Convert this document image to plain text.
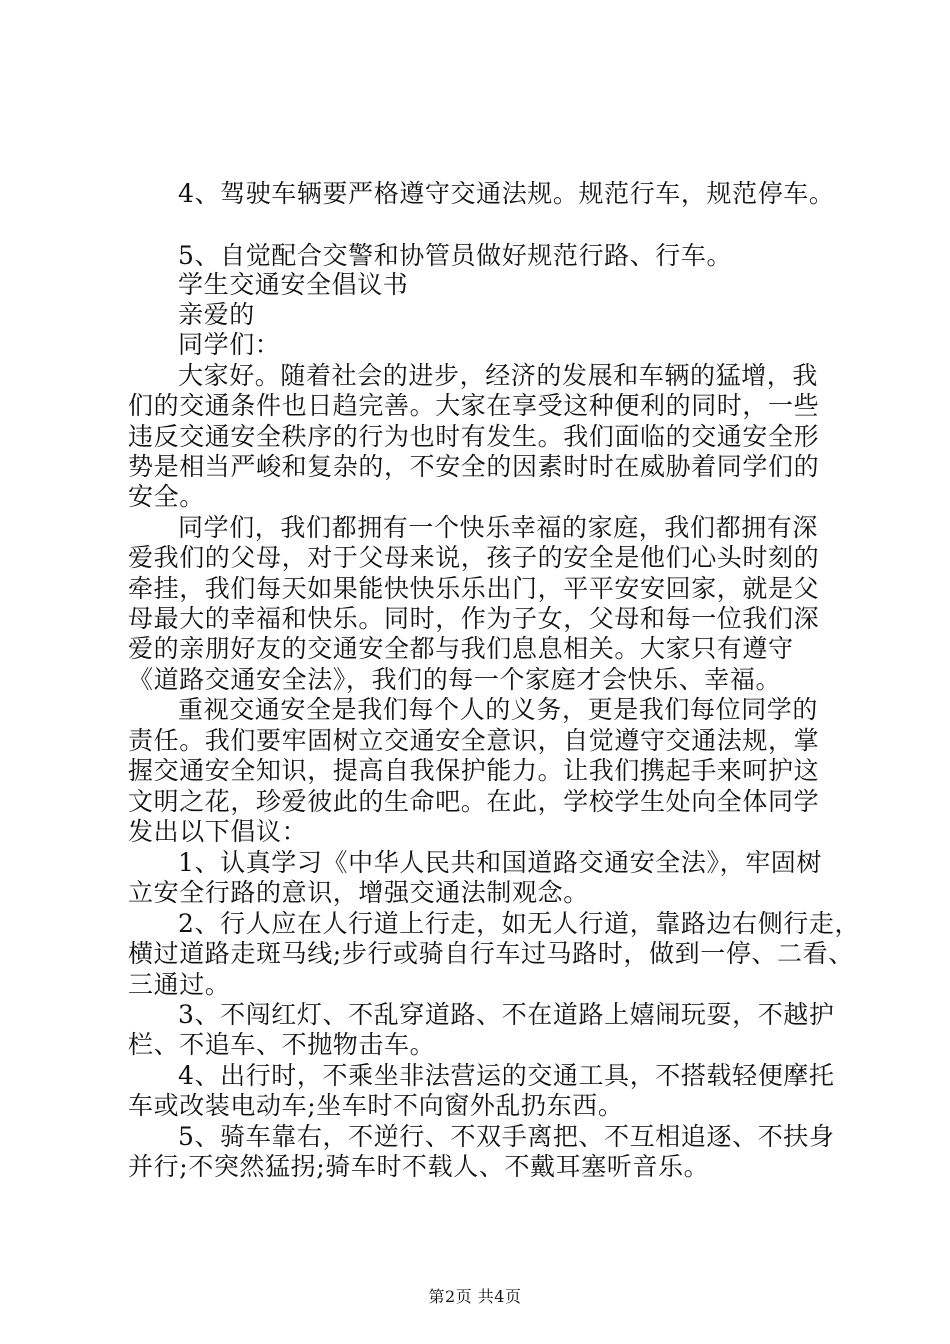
4、驾驶车辆要严格遵守交通法规。规范行车，规范停车。
5、自觉配合交警和协管员做好规范行路、行车。
学生交通安全倡议书
亲爱的
同学们：
大家好。随着社会的进步，经济的发展和车辆的猛增，我
们的交通条件也日趋完善。大家在享受这种便利的同时，一些
违反交通安全秩序的行为也时有发生。我们面临的交通安全形
势是相当严峻和复杂的，不安全的因素时时在威胁着同学们的
安全。
同学们，我们都拥有一个快乐幸福的家庭，我们都拥有深
爱我们的父母，对于父母来说，孩子的安全是他们心头时刻的
牵挂，我们每天如果能快快乐乐出门，平平安安回家，就是父
母最大的幸福和快乐。同时，作为子女，父母和每一位我们深
爱的亲朋好友的交通安全都与我们息息相关。大家只有遵守
《道路交通安全法》，我们的每一个家庭才会快乐、幸福。
重视交通安全是我们每个人的义务，更是我们每位同学的
责任。我们要牢固树立交通安全意识，自觉遵守交通法规，掌
握交通安全知识，提高自我保护能力。让我们携起手来呵护这
文明之花，珍爱彼此的生命吧。在此，学校学生处向全体同学
发出以下倡议：
1、认真学习《中华人民共和国道路交通安全法》，牢固树
立安全行路的意识，增强交通法制观念。
2、行人应在人行道上行走，如无人行道，靠路边右侧行走，
横过道路走斑马线;步行或骑自行车过马路时，做到一停、二看、
三通过。
3、不闯红灯、不乱穿道路、不在道路上嬉闹玩耍，不越护
栏、不追车、不抛物击车。
4、出行时，不乘坐非法营运的交通工具，不搭载轻便摩托
车或改装电动车;坐车时不向窗外乱扔东西。
5、骑车靠右，不逆行、不双手离把、不互相追逐、不扶身
并行;不突然猛拐;骑车时不载人、不戴耳塞听音乐。
第2页 共4页
